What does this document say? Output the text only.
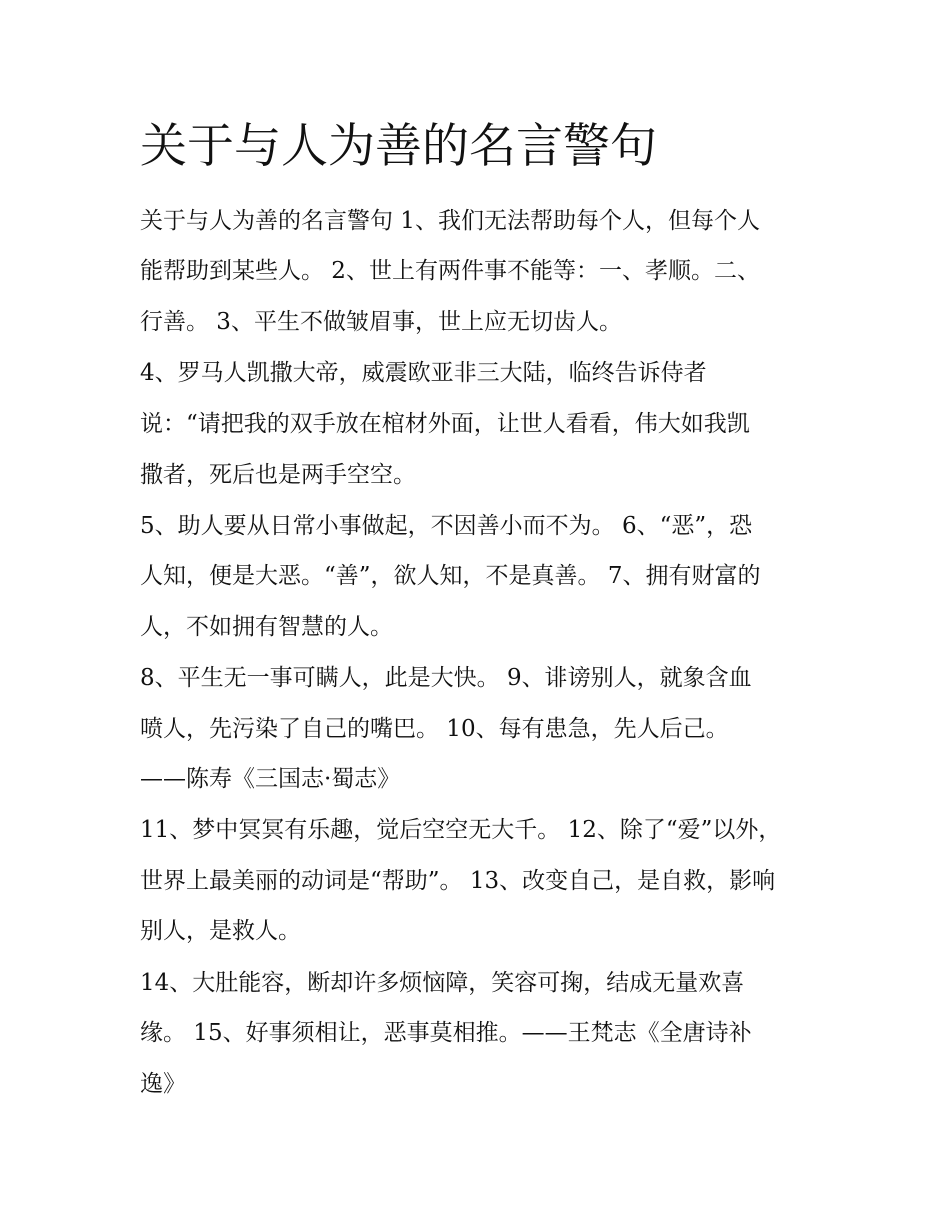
关于与人为善的名言警句
关于与人为善的名言警句 1、我们无法帮助每个人，但每个人
能帮助到某些人。 2、世上有两件事不能等：一、孝顺。二、
行善。 3、平生不做皱眉事，世上应无切齿人。
4、罗马人凯撒大帝，威震欧亚非三大陆，临终告诉侍者
说：“请把我的双手放在棺材外面，让世人看看，伟大如我凯
撒者，死后也是两手空空。
5、助人要从日常小事做起，不因善小而不为。 6、“恶”，恐
人知，便是大恶。“善”，欲人知，不是真善。 7、拥有财富的
人，不如拥有智慧的人。
8、平生无一事可瞒人，此是大快。 9、诽谤别人，就象含血
喷人，先污染了自己的嘴巴。 10、每有患急，先人后己。
——陈寿《三国志·蜀志》
11、梦中冥冥有乐趣，觉后空空无大千。 12、除了“爱”以外，
世界上最美丽的动词是“帮助”。 13、改变自己，是自救，影响
别人，是救人。
14、大肚能容，断却许多烦恼障，笑容可掬，结成无量欢喜
缘。 15、好事须相让，恶事莫相推。——王梵志《全唐诗补
逸》
